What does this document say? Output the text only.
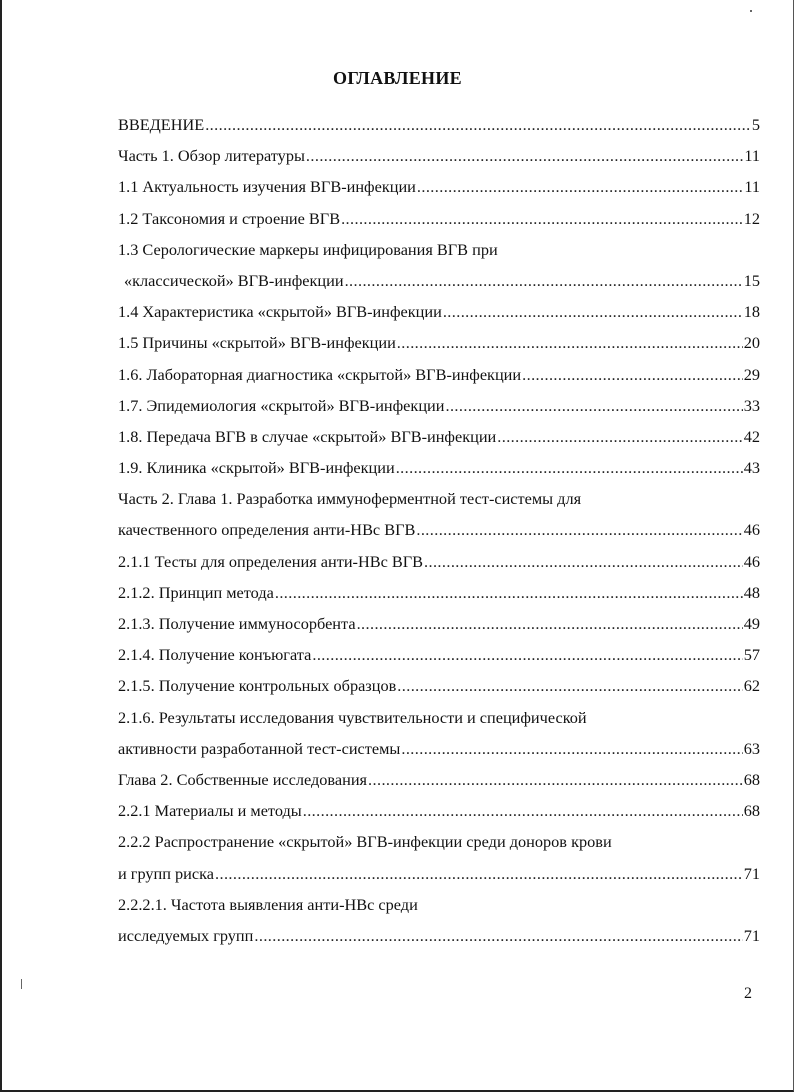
ОГЛАВЛЕНИЕ
ВВЕДЕНИЕ .....	5
Часть 1. Обзор литературы .....	11
1.1 Актуальность изучения ВГВ-инфекции .....	11
1.2 Таксономия и строение ВГВ .....	12
1.3 Серологические маркеры инфицирования ВГВ при
«классической» ВГВ-инфекции .....	15
1.4 Характеристика «скрытой» ВГВ-инфекции .....	18
1.5 Причины «скрытой» ВГВ-инфекции .....	20
1.6. Лабораторная диагностика «скрытой» ВГВ-инфекции .....	29
1.7. Эпидемиология «скрытой» ВГВ-инфекции .....	33
1.8. Передача ВГВ в случае «скрытой» ВГВ-инфекции .....	42
1.9. Клиника «скрытой» ВГВ-инфекции .....	43
Часть 2. Глава 1. Разработка иммуноферментной тест-системы для
качественного определения анти-HBc ВГВ .....	46
2.1.1 Тесты для определения анти-HBc ВГВ .....	46
2.1.2. Принцип метода .....	48
2.1.3. Получение иммуносорбента .....	49
2.1.4. Получение конъюгата .....	57
2.1.5. Получение контрольных образцов .....	62
2.1.6. Результаты исследования чувствительности и специфической
активности разработанной тест-системы .....	63
Глава 2. Собственные исследования .....	68
2.2.1 Материалы и методы .....	68
2.2.2 Распространение «скрытой» ВГВ-инфекции среди доноров крови
и групп риска .....	71
2.2.2.1. Частота выявления анти-HBc среди
исследуемых групп .....	71
2
